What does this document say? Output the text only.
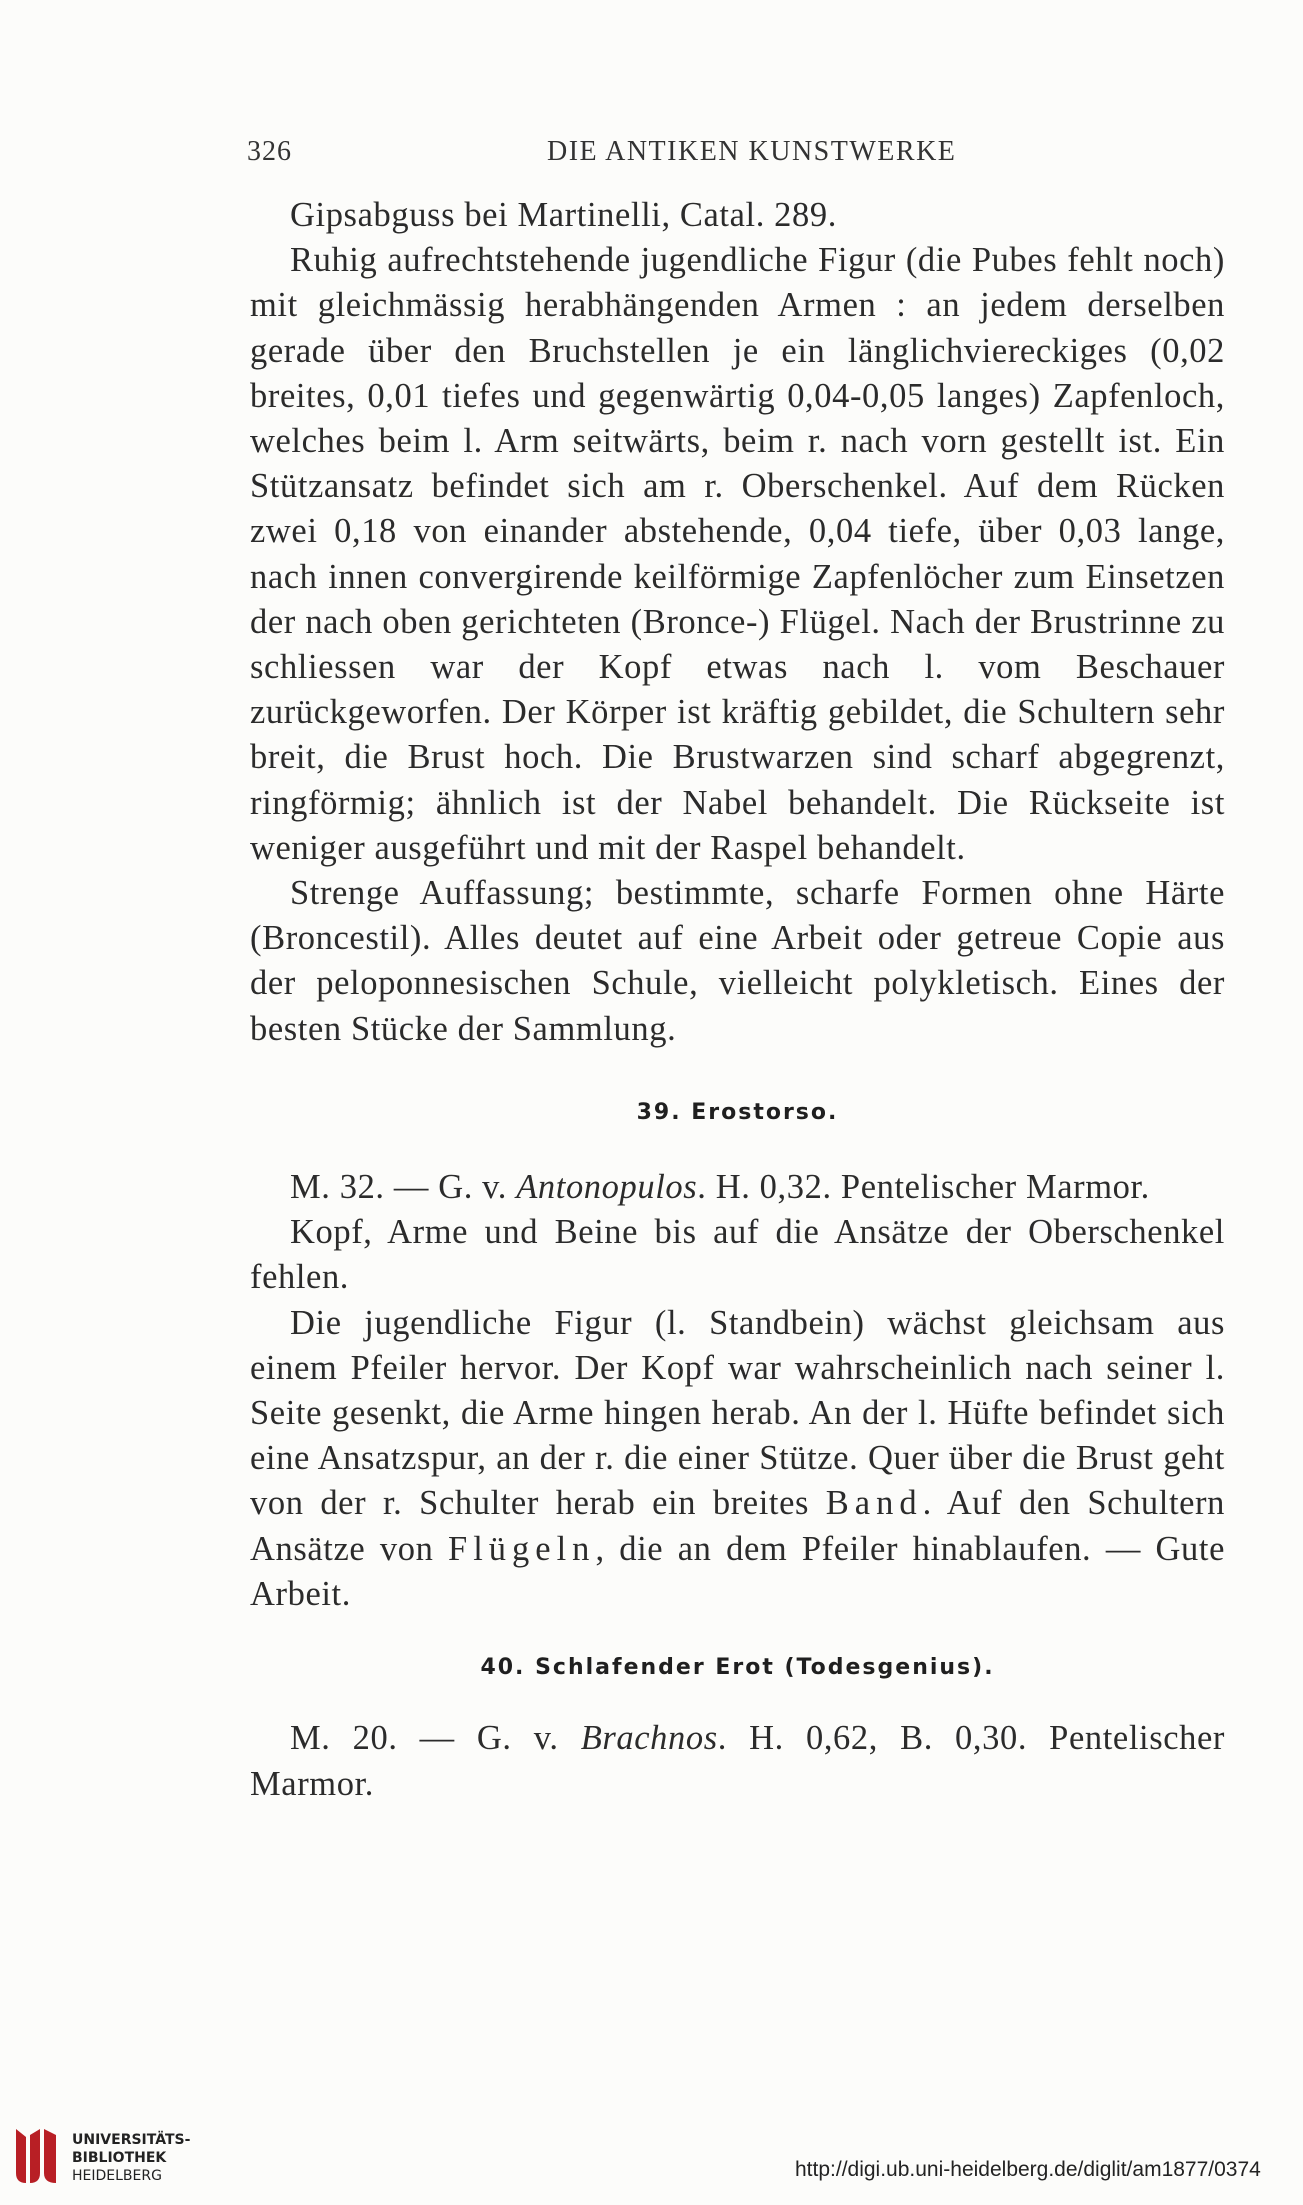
326	DIE ANTIKEN KUNSTWERKE

Gipsabguss bei Martinelli, Catal. 289.

Ruhig aufrechtstehende jugendliche Figur (die Pubes fehlt noch) mit gleichmässig herabhängenden Armen : an jedem derselben gerade über den Bruchstellen je ein länglichviereckiges (0,02 breites, 0,01 tiefes und gegenwärtig 0,04-0,05 langes) Zapfenloch, welches beim l. Arm seitwärts, beim r. nach vorn gestellt ist. Ein Stützansatz befindet sich am r. Oberschenkel. Auf dem Rücken zwei 0,18 von einander abstehende, 0,04 tiefe, über 0,03 lange, nach innen convergirende keilförmige Zapfenlöcher zum Einsetzen der nach oben gerichteten (Bronce-) Flügel. Nach der Brustrinne zu schliessen war der Kopf etwas nach l. vom Beschauer zurückgeworfen. Der Körper ist kräftig gebildet, die Schultern sehr breit, die Brust hoch. Die Brustwarzen sind scharf abgegrenzt, ringförmig; ähnlich ist der Nabel behandelt. Die Rückseite ist weniger ausgeführt und mit der Raspel behandelt.

Strenge Auffassung; bestimmte, scharfe Formen ohne Härte (Broncestil). Alles deutet auf eine Arbeit oder getreue Copie aus der peloponnesischen Schule, vielleicht polykletisch. Eines der besten Stücke der Sammlung.

39. Erostorso.

M. 32. — G. v. Antonopulos. H. 0,32. Pentelischer Marmor.

Kopf, Arme und Beine bis auf die Ansätze der Oberschenkel fehlen.

Die jugendliche Figur (l. Standbein) wächst gleichsam aus einem Pfeiler hervor. Der Kopf war wahrscheinlich nach seiner l. Seite gesenkt, die Arme hingen herab. An der l. Hüfte befindet sich eine Ansatzspur, an der r. die einer Stütze. Quer über die Brust geht von der r. Schulter herab ein breites Band. Auf den Schultern Ansätze von Flügeln, die an dem Pfeiler hinablaufen. — Gute Arbeit.

40. Schlafender Erot (Todesgenius).

M. 20. — G. v. Brachnos. H. 0,62, B. 0,30. Pentelischer Marmor.

UNIVERSITÄTS-
BIBLIOTHEK
HEIDELBERG	http://digi.ub.uni-heidelberg.de/diglit/am1877/0374
